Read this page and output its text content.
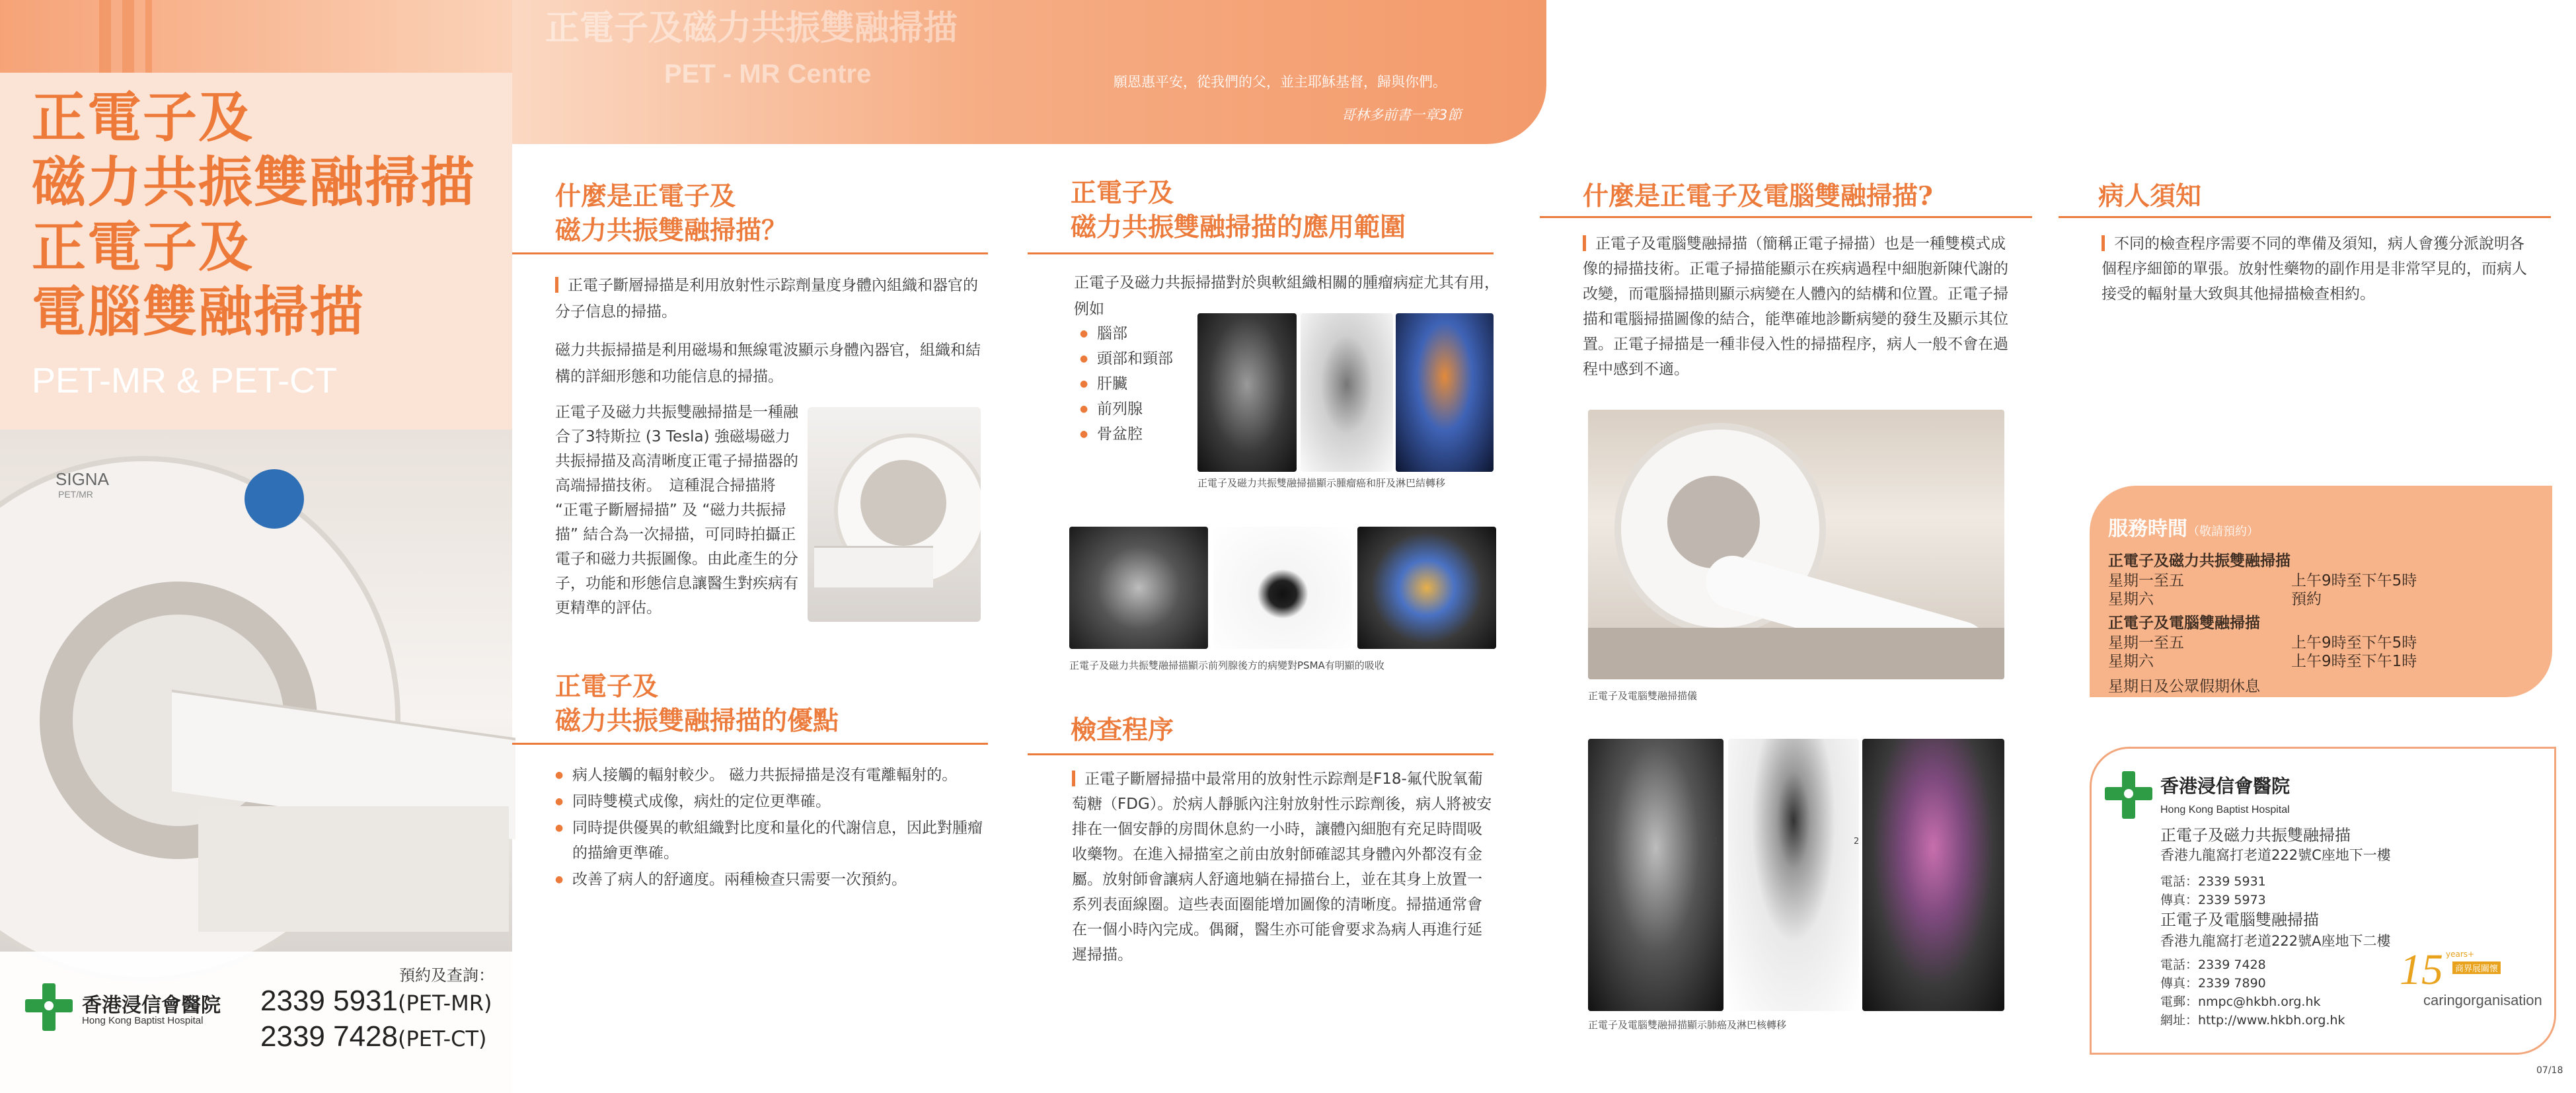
正電子及
磁力共振雙融掃描
正電子及
電腦雙融掃描
PET-MR & PET-CT
SIGNA
PET/MR
香港浸信會醫院
Hong Kong Baptist Hospital
預約及查詢：
2339 5931(PET-MR)
2339 7428(PET-CT)
正電子及磁力共振雙融掃描
PET - MR Centre	願恩惠平安，從我們的父，並主耶穌基督，歸與你們。
哥林多前書一章3節
什麼是正電子及
磁力共振雙融掃描？
正電子斷層掃描是利用放射性示踪劑量度身體內組織和器官的分子信息的掃描。
磁力共振掃描是利用磁場和無線電波顯示身體內器官，組織和結構的詳細形態和功能信息的掃描。
正電子及磁力共振雙融掃描是一種融合了3特斯拉 (3 Tesla) 強磁場磁力共振掃描及高清晰度正電子掃描器的高端掃描技術。　這種混合掃描將 “正電子斷層掃描” 及 “磁力共振掃描” 結合為一次掃描，可同時拍攝正電子和磁力共振圖像。由此產生的分子，功能和形態信息讓醫生對疾病有更精準的評估。
正電子及
磁力共振雙融掃描的優點
● 病人接觸的輻射較少。 磁力共振掃描是沒有電離輻射的。
● 同時雙模式成像，病灶的定位更準確。
● 同時提供優異的軟組織對比度和量化的代謝信息，因此對腫瘤的描繪更準確。
● 改善了病人的舒適度。兩種檢查只需要一次預約。
正電子及
磁力共振雙融掃描的應用範圍
正電子及磁力共振掃描對於與軟組織相關的腫瘤病症尤其有用，例如
● 腦部
● 頭部和頸部
● 肝臟
● 前列腺
● 骨盆腔
正電子及磁力共振雙融掃描顯示腫瘤癌和肝及淋巴結轉移
正電子及磁力共振雙融掃描顯示前列腺後方的病變對PSMA有明顯的吸收
檢查程序
正電子斷層掃描中最常用的放射性示踪劑是F18-氟代脫氧葡萄糖（FDG）。於病人靜脈內注射放射性示踪劑後，病人將被安排在一個安靜的房間休息約一小時，讓體內細胞有充足時間吸收藥物。在進入掃描室之前由放射師確認其身體內外都沒有金屬。放射師會讓病人舒適地躺在掃描台上，並在其身上放置一系列表面線圈。這些表面圈能增加圖像的清晰度。掃描通常會在一個小時內完成。偶爾，醫生亦可能會要求為病人再進行延遲掃描。
什麼是正電子及電腦雙融掃描?
正電子及電腦雙融掃描（簡稱正電子掃描）也是一種雙模式成像的掃描技術。正電子掃描能顯示在疾病過程中細胞新陳代謝的改變，而電腦掃描則顯示病變在人體內的結構和位置。正電子掃描和電腦掃描圖像的結合，能準確地診斷病變的發生及顯示其位置。正電子掃描是一種非侵入性的掃描程序，病人一般不會在過程中感到不適。
正電子及電腦雙融掃描儀
1	2
正電子及電腦雙融掃描顯示肺癌及淋巴核轉移
病人須知
不同的檢查程序需要不同的準備及須知，病人會獲分派說明各個程序細節的單張。放射性藥物的副作用是非常罕見的，而病人接受的輻射量大致與其他掃描檢查相約。
服務時間（敬請預約）
正電子及磁力共振雙融掃描
星期一至五	上午9時至下午5時
星期六	預約
正電子及電腦雙融掃描
星期一至五	上午9時至下午5時
星期六	上午9時至下午1時
星期日及公眾假期休息
香港浸信會醫院
Hong Kong Baptist Hospital
正電子及磁力共振雙融掃描
香港九龍窩打老道222號C座地下一樓
電話：2339 5931
傳真：2339 5973
正電子及電腦雙融掃描
香港九龍窩打老道222號A座地下二樓
電話：2339 7428
傳真：2339 7890
電郵：nmpc@hkbh.org.hk
網址：http://www.hkbh.org.hk
15 years+
商界展關懷
caringorganisation
07/18
